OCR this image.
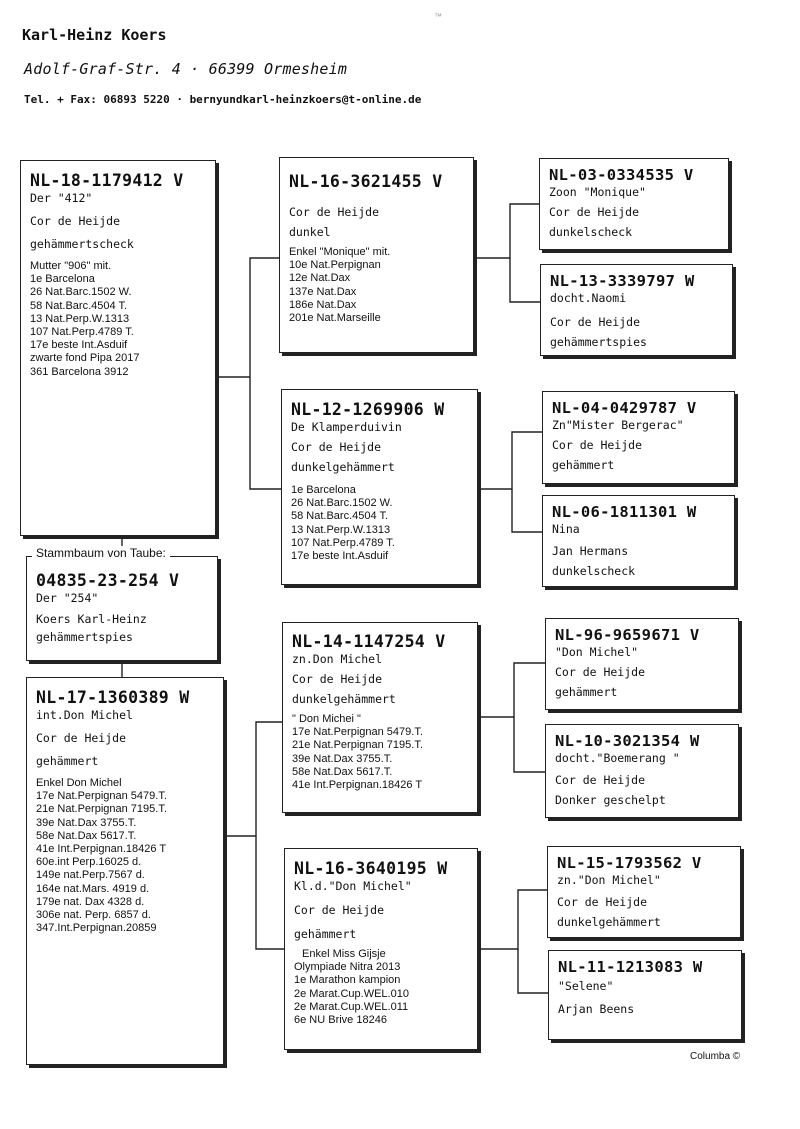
™
Karl-Heinz Koers
Adolf-Graf-Str. 4 · 66399 Ormesheim
Tel. + Fax: 06893 5220 · bernyundkarl-heinzkoers@t-online.de
NL-18-1179412 V
Der "412"
Cor de Heijde
gehämmertscheck
Mutter "906" mit.
1e Barcelona
26 Nat.Barc.1502 W.
58 Nat.Barc.4504 T.
13 Nat.Perp.W.1313
107 Nat.Perp.4789 T.
17e beste Int.Asduif
zwarte fond Pipa 2017
361 Barcelona 3912
Stammbaum von Taube:
04835-23-254 V
Der "254"
Koers Karl-Heinz
gehämmertspies
NL-17-1360389 W
int.Don Michel
Cor de Heijde
gehämmert
Enkel Don Michel
17e Nat.Perpignan 5479.T.
21e Nat.Perpignan 7195.T.
39e Nat.Dax 3755.T.
58e Nat.Dax 5617.T.
41e Int.Perpignan.18426 T
60e.int Perp.16025 d.
149e nat.Perp.7567 d.
164e nat.Mars. 4919 d.
179e nat. Dax 4328 d.
306e nat. Perp. 6857 d.
347.Int.Perpignan.20859
NL-16-3621455 V
Cor de Heijde
dunkel
Enkel "Monique" mit.
10e Nat.Perpignan
12e Nat.Dax
137e Nat.Dax
186e Nat.Dax
201e Nat.Marseille
NL-12-1269906 W
De Klamperduivin
Cor de Heijde
dunkelgehämmert
1e Barcelona
26 Nat.Barc.1502 W.
58 Nat.Barc.4504 T.
13 Nat.Perp.W.1313
107 Nat.Perp.4789 T.
17e beste Int.Asduif
NL-14-1147254 V
zn.Don Michel
Cor de Heijde
dunkelgehämmert
" Don Michei "
17e Nat.Perpignan 5479.T.
21e Nat.Perpignan 7195.T.
39e Nat.Dax 3755.T.
58e Nat.Dax 5617.T.
41e Int.Perpignan.18426 T
NL-16-3640195 W
Kl.d."Don Michel"
Cor de Heijde
gehämmert
Enkel Miss Gijsje
Olympiade Nitra 2013
1e Marathon kampion
2e Marat.Cup.WEL.010
2e Marat.Cup.WEL.011
6e NU Brive 18246
NL-03-0334535 V
Zoon "Monique"
Cor de Heijde
dunkelscheck
NL-13-3339797 W
docht.Naomi
Cor de Heijde
gehämmertspies
NL-04-0429787 V
Zn"Mister Bergerac"
Cor de Heijde
gehämmert
NL-06-1811301 W
Nina
Jan Hermans
dunkelscheck
NL-96-9659671 V
"Don Michel"
Cor de Heijde
gehämmert
NL-10-3021354 W
docht."Boemerang "
Cor de Heijde
Donker geschelpt
NL-15-1793562 V
zn."Don Michel"
Cor de Heijde
dunkelgehämmert
NL-11-1213083 W
"Selene"
Arjan Beens
Columba ©
